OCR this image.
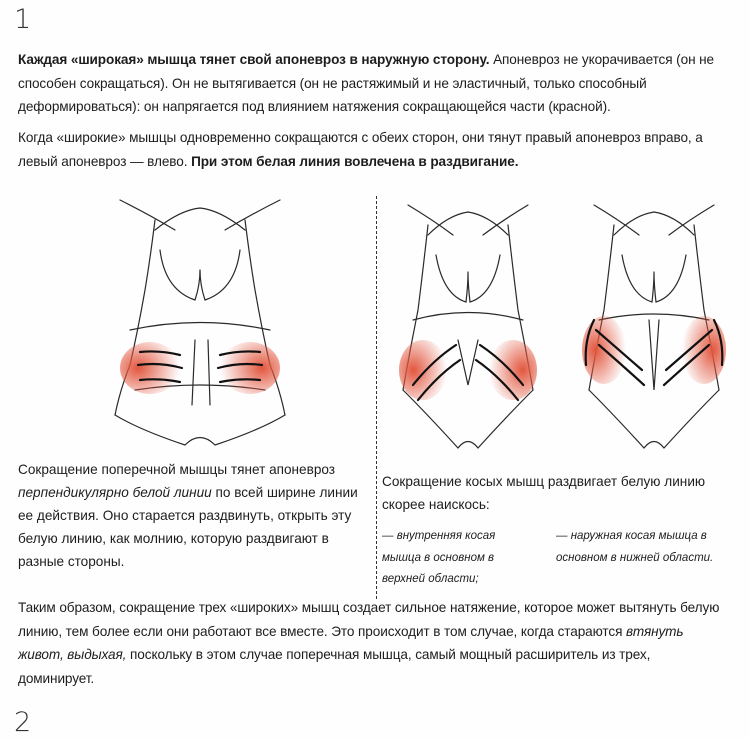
1
Каждая «широкая» мышца тянет свой апоневроз в наружную сторону. Апоневроз не укорачивается (он не способен сокращаться). Он не вытягивается (он не растяжимый и не эластичный, только способный деформироваться): он напрягается под влиянием натяжения сокращающейся части (красной).
Когда «широкие» мышцы одновременно сокращаются с обеих сторон, они тянут правый апоневроз вправо, а левый апоневроз — влево. При этом белая линия вовлечена в раздвигание.
Сокращение поперечной мышцы тянет апоневроз перпендикулярно белой линии по всей ширине линии ее действия. Оно старается раздвинуть, открыть эту белую линию, как молнию, которую раздвигают в разные стороны.
Сокращение косых мышц раздвигает белую линию скорее наискось:
— внутренняя косая мышца в основном в верхней области;
— наружная косая мышца в основном в нижней области.
Таким образом, сокращение трех «широких» мышц создает сильное натяжение, которое может вытянуть белую линию, тем более если они работают все вместе. Это происходит в том случае, когда стараются втянуть живот, выдыхая, поскольку в этом случае поперечная мышца, самый мощный расширитель из трех, доминирует.
2
